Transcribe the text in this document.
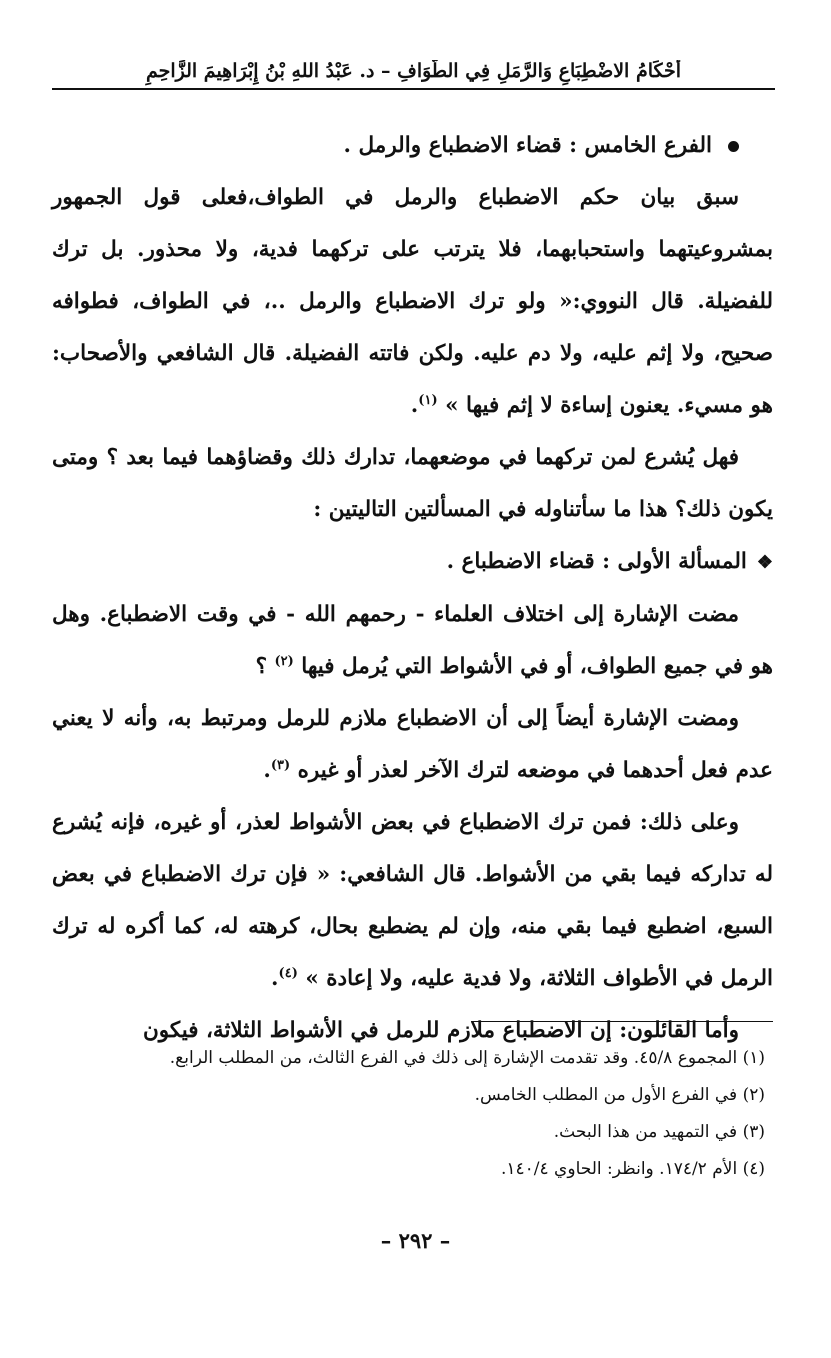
أَحْكَامُ الاضْطِبَاعِ وَالرَّمَلِ فِي الطَّوَافِ – د. عَبْدُ اللهِ بْنُ إِبْرَاهِيمَ الزَّاحِمِ

الفرع الخامس : قضاء الاضطباع والرمل .

سبق بيان حكم الاضطباع والرمل في الطواف،فعلى قول الجمهور بمشروعيتهما واستحبابهما، فلا يترتب على تركهما فدية، ولا محذور. بل ترك للفضيلة. قال النووي:« ولو ترك الاضطباع والرمل ..، في الطواف، فطوافه صحيح، ولا إثم عليه، ولا دم عليه. ولكن فاتته الفضيلة. قال الشافعي والأصحاب: هو مسيء. يعنون إساءة لا إثم فيها » $^{(١)}$.

فهل يُشرع لمن تركهما في موضعهما، تدارك ذلك وقضاؤهما فيما بعد ؟ ومتى يكون ذلك؟ هذا ما سأتناوله في المسألتين التاليتين :

❖المسألة الأولى : قضاء الاضطباع .

مضت الإشارة إلى اختلاف العلماء - رحمهم الله - في وقت الاضطباع. وهل هو في جميع الطواف، أو في الأشواط التي يُرمل فيها $^{(٢)}$ ؟

ومضت الإشارة أيضاً إلى أن الاضطباع ملازم للرمل ومرتبط به، وأنه لا يعني عدم فعل أحدهما في موضعه لترك الآخر لعذر أو غيره $^{(٣)}$.

وعلى ذلك: فمن ترك الاضطباع في بعض الأشواط لعذر، أو غيره، فإنه يُشرع له تداركه فيما بقي من الأشواط. قال الشافعي: « فإن ترك الاضطباع في بعض السبع، اضطبع فيما بقي منه، وإن لم يضطبع بحال، كرهته له، كما أكره له ترك الرمل في الأطواف الثلاثة، ولا فدية عليه، ولا إعادة » $^{(٤)}$.

وأما القائلون: إن الاضطباع ملازم للرمل في الأشواط الثلاثة، فيكون

(١) المجموع ٤٥/٨. وقد تقدمت الإشارة إلى ذلك في الفرع الثالث، من المطلب الرابع.
(٢) في الفرع الأول من المطلب الخامس.
(٣) في التمهيد من هذا البحث.
(٤) الأم ١٧٤/٢. وانظر: الحاوي ١٤٠/٤.
– ٢٩٢ –
